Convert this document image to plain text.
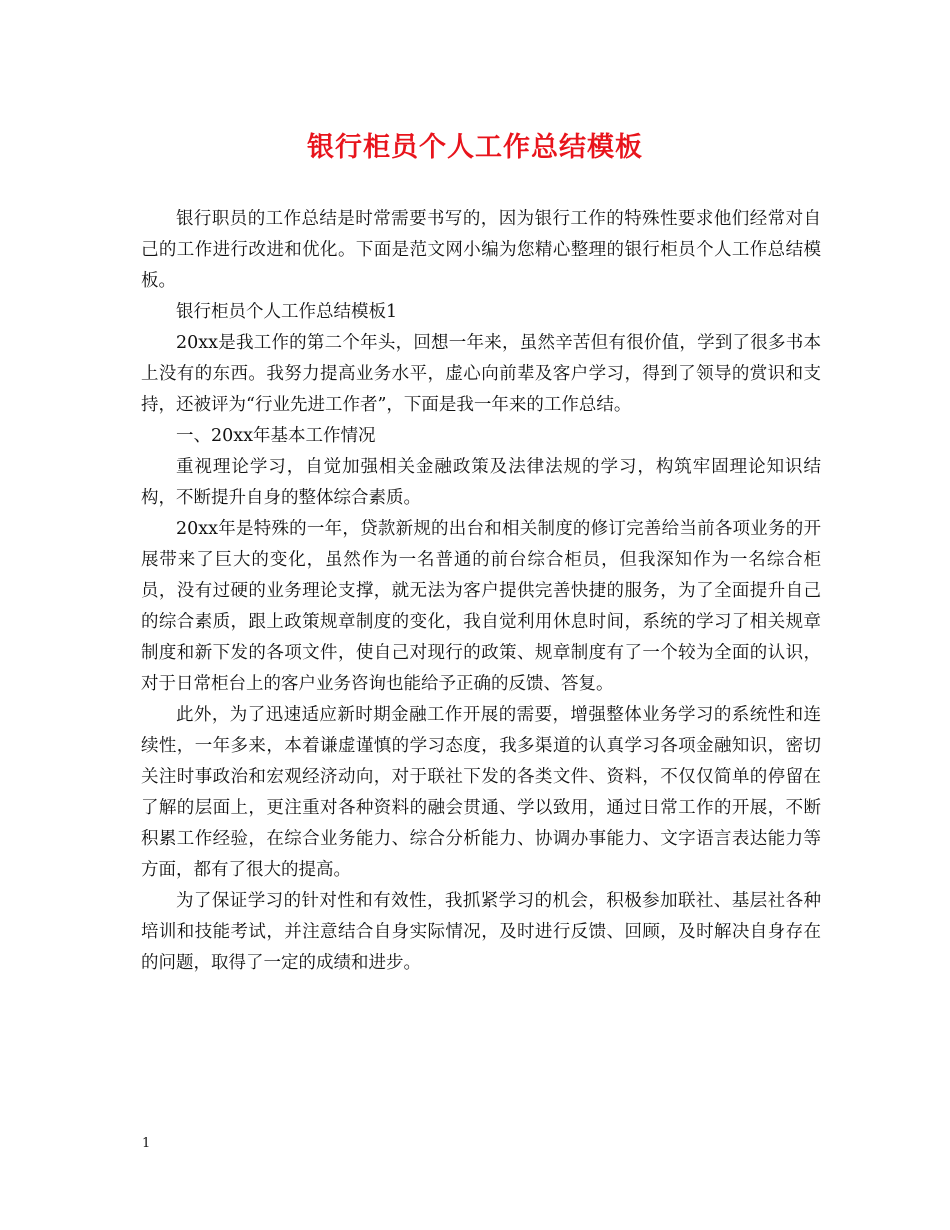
银行柜员个人工作总结模板

银行职员的工作总结是时常需要书写的，因为银行工作的特殊性要求他们经常对自己的工作进行改进和优化。下面是范文网小编为您精心整理的银行柜员个人工作总结模板。

银行柜员个人工作总结模板1

20xx是我工作的第二个年头，回想一年来，虽然辛苦但有很价值，学到了很多书本上没有的东西。我努力提高业务水平，虚心向前辈及客户学习，得到了领导的赏识和支持，还被评为“行业先进工作者”，下面是我一年来的工作总结。

一、20xx年基本工作情况

重视理论学习，自觉加强相关金融政策及法律法规的学习，构筑牢固理论知识结构，不断提升自身的整体综合素质。

20xx年是特殊的一年，贷款新规的出台和相关制度的修订完善给当前各项业务的开展带来了巨大的变化，虽然作为一名普通的前台综合柜员，但我深知作为一名综合柜员，没有过硬的业务理论支撑，就无法为客户提供完善快捷的服务，为了全面提升自己的综合素质，跟上政策规章制度的变化，我自觉利用休息时间，系统的学习了相关规章制度和新下发的各项文件，使自己对现行的政策、规章制度有了一个较为全面的认识，对于日常柜台上的客户业务咨询也能给予正确的反馈、答复。

此外，为了迅速适应新时期金融工作开展的需要，增强整体业务学习的系统性和连续性，一年多来，本着谦虚谨慎的学习态度，我多渠道的认真学习各项金融知识，密切关注时事政治和宏观经济动向，对于联社下发的各类文件、资料，不仅仅简单的停留在了解的层面上，更注重对各种资料的融会贯通、学以致用，通过日常工作的开展，不断积累工作经验，在综合业务能力、综合分析能力、协调办事能力、文字语言表达能力等方面，都有了很大的提高。

为了保证学习的针对性和有效性，我抓紧学习的机会，积极参加联社、基层社各种培训和技能考试，并注意结合自身实际情况，及时进行反馈、回顾，及时解决自身存在的问题，取得了一定的成绩和进步。

1
